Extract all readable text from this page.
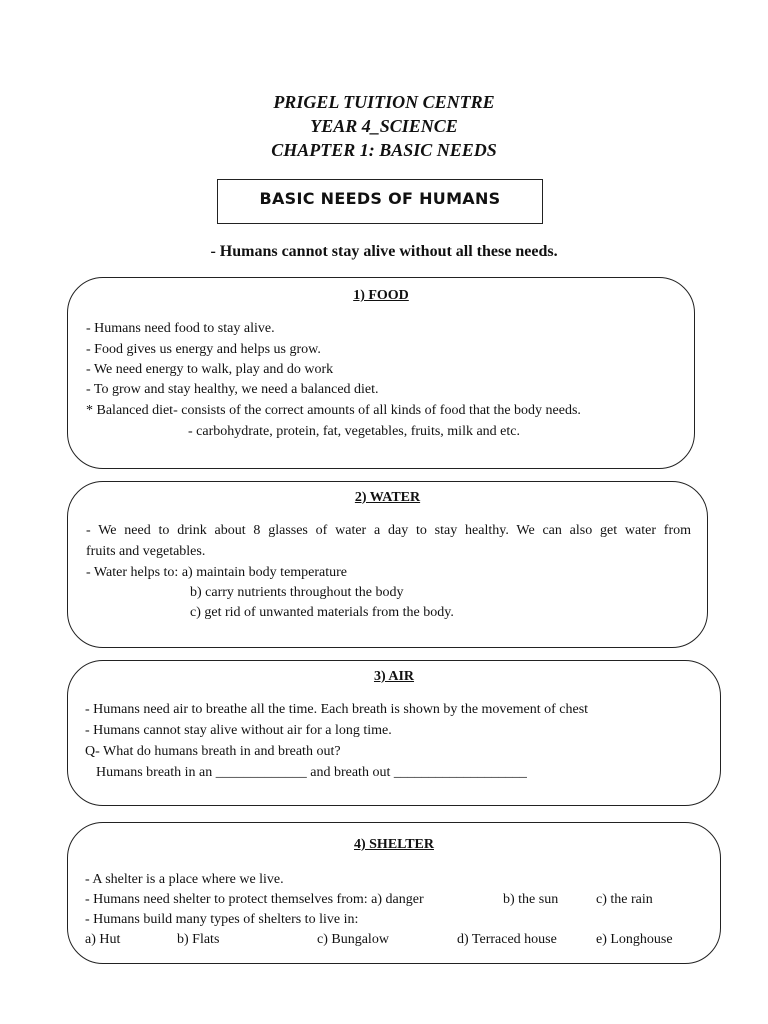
PRIGEL TUITION CENTRE
YEAR 4_SCIENCE
CHAPTER 1: BASIC NEEDS
BASIC NEEDS OF HUMANS
- Humans cannot stay alive without all these needs.
1) FOOD
- Humans need food to stay alive.
- Food gives us energy and helps us grow.
- We need energy to walk, play and do work
- To grow and stay healthy, we need a balanced diet.
* Balanced diet- consists of the correct amounts of all kinds of food that the body needs.
- carbohydrate, protein, fat, vegetables, fruits, milk and etc.
2) WATER
- We need to drink about 8 glasses of water a day to stay healthy. We can also get water from
fruits and vegetables.
- Water helps to: a) maintain body temperature
b) carry nutrients throughout the body
c) get rid of unwanted materials from the body.
3) AIR
- Humans need air to breathe all the time. Each breath is shown by the movement of chest
- Humans cannot stay alive without air for a long time.
Q- What do humans breath in and breath out?
Humans breath in an _____________ and breath out ___________________
4) SHELTER
- A shelter is a place where we live.
- Humans need shelter to protect themselves from: a) danger	b) the sun	c) the rain
- Humans build many types of shelters to live in:
a) Hut	b) Flats	c) Bungalow	d) Terraced house	e) Longhouse
